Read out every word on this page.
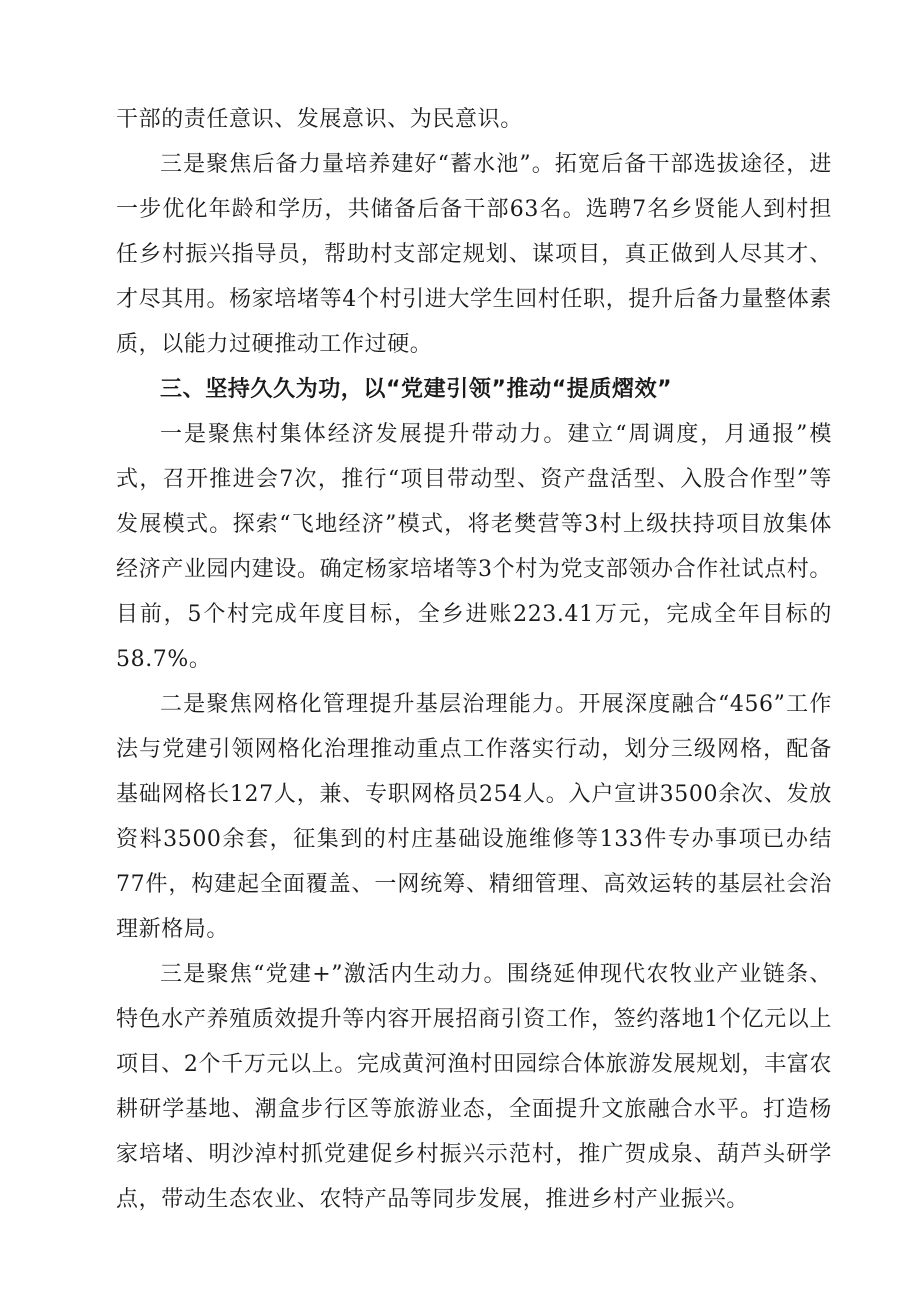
干部的责任意识、发展意识、为民意识。

三是聚焦后备力量培养建好“蓄水池”。拓宽后备干部选拔途径，进一步优化年龄和学历，共储备后备干部63名。选聘7名乡贤能人到村担任乡村振兴指导员，帮助村支部定规划、谋项目，真正做到人尽其才、才尽其用。杨家培堵等4个村引进大学生回村任职，提升后备力量整体素质，以能力过硬推动工作过硬。

三、坚持久久为功，以“党建引领”推动“提质熠效”

一是聚焦村集体经济发展提升带动力。建立“周调度，月通报”模式，召开推进会7次，推行“项目带动型、资产盘活型、入股合作型”等发展模式。探索“飞地经济”模式，将老樊营等3村上级扶持项目放集体经济产业园内建设。确定杨家培堵等3个村为党支部领办合作社试点村。目前，5个村完成年度目标，全乡进账223.41万元，完成全年目标的58.7%。

二是聚焦网格化管理提升基层治理能力。开展深度融合“456”工作法与党建引领网格化治理推动重点工作落实行动，划分三级网格，配备基础网格长127人，兼、专职网格员254人。入户宣讲3500余次、发放资料3500余套，征集到的村庄基础设施维修等133件专办事项已办结77件，构建起全面覆盖、一网统筹、精细管理、高效运转的基层社会治理新格局。

三是聚焦“党建+”激活内生动力。围绕延伸现代农牧业产业链条、特色水产养殖质效提升等内容开展招商引资工作，签约落地1个亿元以上项目、2个千万元以上。完成黄河渔村田园综合体旅游发展规划，丰富农耕研学基地、潮盒步行区等旅游业态，全面提升文旅融合水平。打造杨家培堵、明沙淖村抓党建促乡村振兴示范村，推广贺成泉、葫芦头研学点，带动生态农业、农特产品等同步发展，推进乡村产业振兴。
